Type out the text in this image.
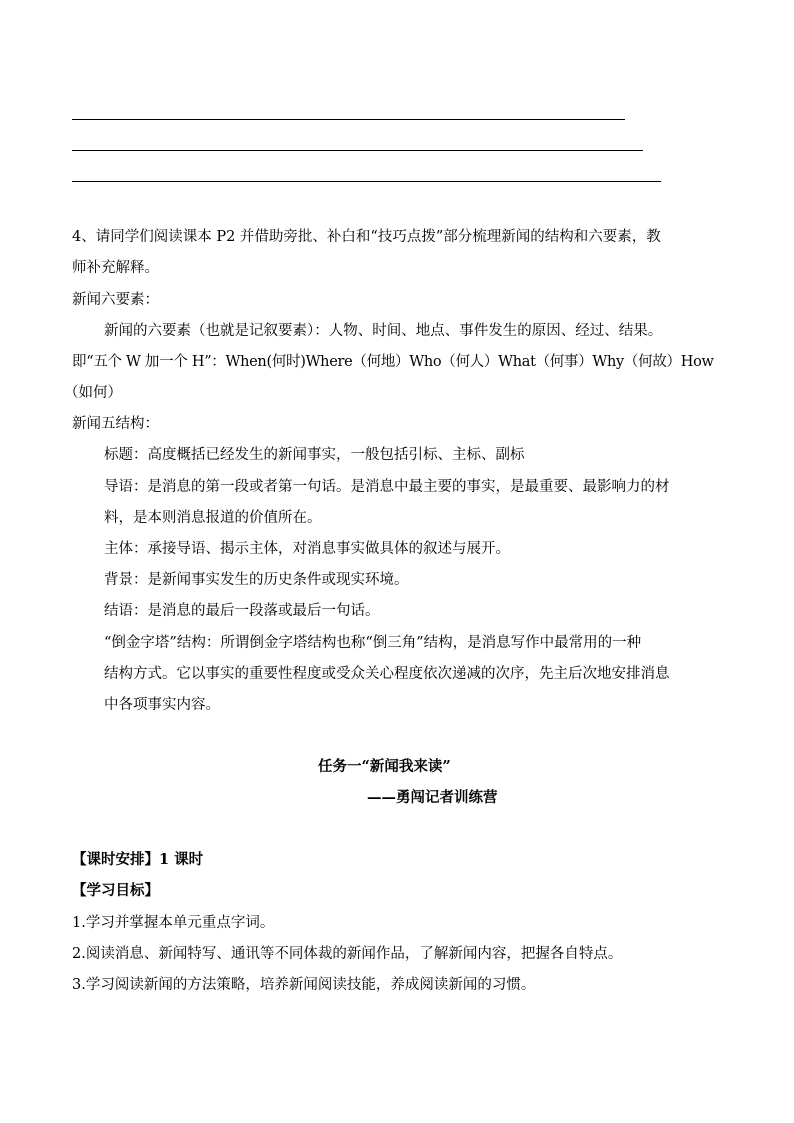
4、请同学们阅读课本 P2 并借助旁批、补白和“技巧点拨”部分梳理新闻的结构和六要素，教
师补充解释。
新闻六要素：
新闻的六要素（也就是记叙要素）：人物、时间、地点、事件发生的原因、经过、结果。
即“五个 W 加一个 H”：When(何时)Where（何地）Who（何人）What（何事）Why（何故）How
（如何）
新闻五结构：
标题：高度概括已经发生的新闻事实，一般包括引标、主标、副标
导语：是消息的第一段或者第一句话。是消息中最主要的事实，是最重要、最影响力的材
料，是本则消息报道的价值所在。
主体：承接导语、揭示主体，对消息事实做具体的叙述与展开。
背景：是新闻事实发生的历史条件或现实环境。
结语：是消息的最后一段落或最后一句话。
“倒金字塔”结构：所谓倒金字塔结构也称“倒三角”结构，是消息写作中最常用的一种
结构方式。它以事实的重要性程度或受众关心程度依次递减的次序，先主后次地安排消息
中各项事实内容。
任务一“新闻我来读”
——勇闯记者训练营
【课时安排】1 课时
【学习目标】
1.学习并掌握本单元重点字词。
2.阅读消息、新闻特写、通讯等不同体裁的新闻作品，了解新闻内容，把握各自特点。
3.学习阅读新闻的方法策略，培养新闻阅读技能，养成阅读新闻的习惯。
